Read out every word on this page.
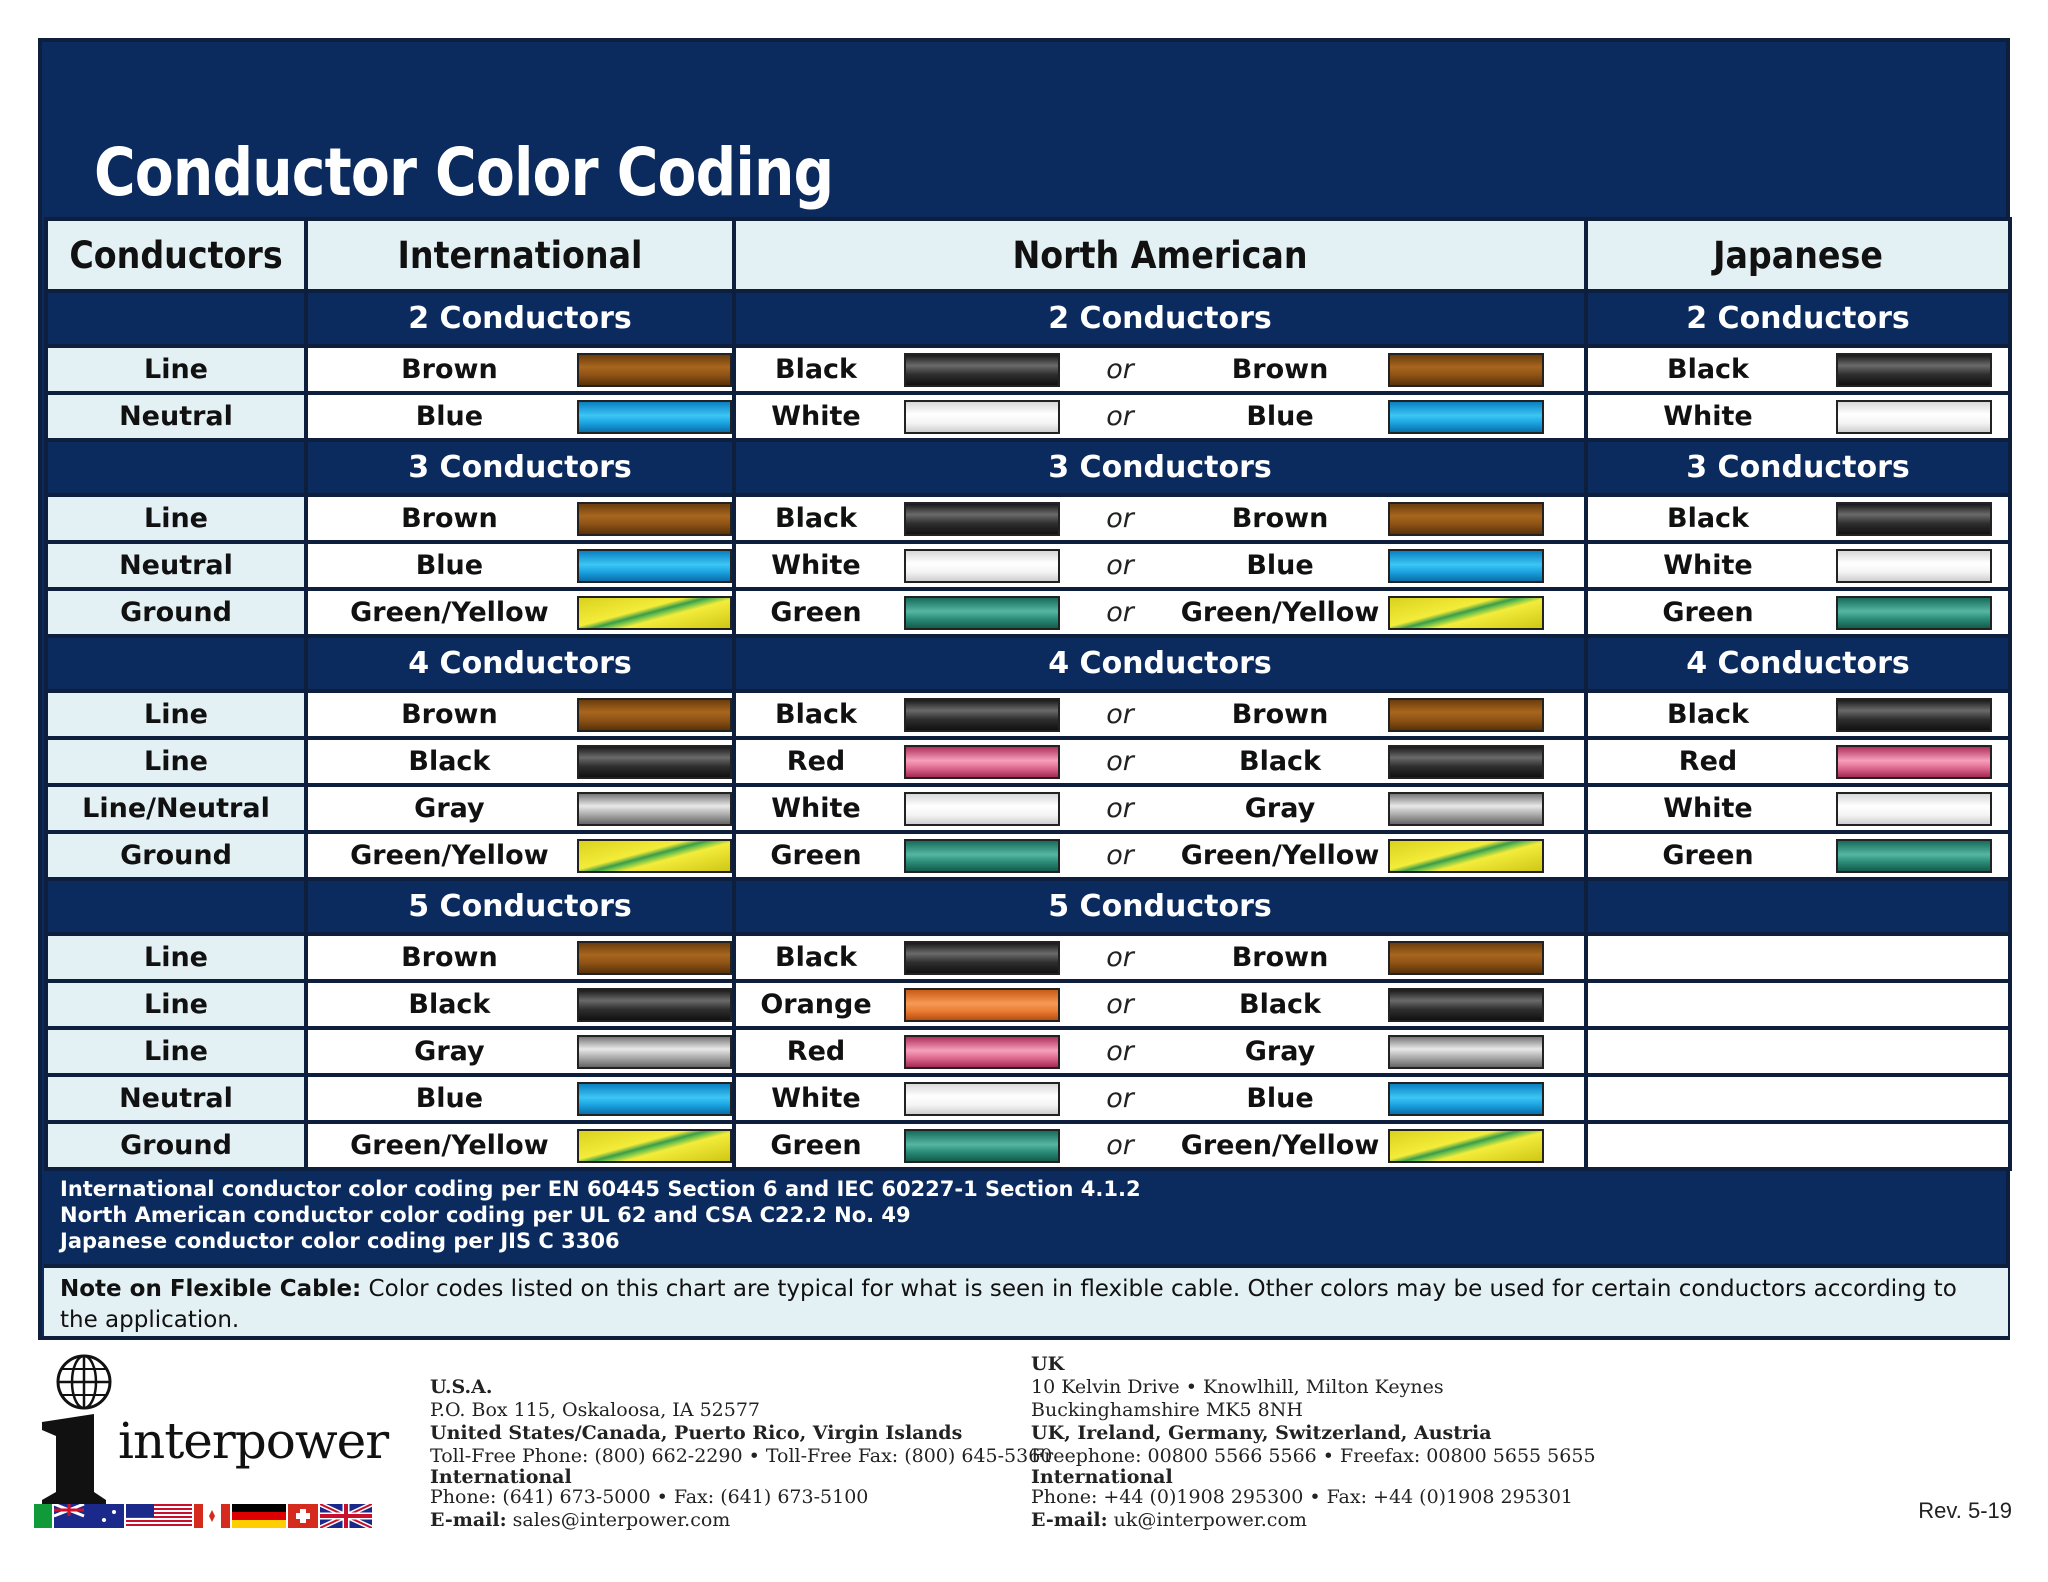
Conductor Color Coding
Conductors	International	North American	Japanese
	2 Conductors	2 Conductors	2 Conductors
Line	Brown	Black or Brown	Black

Neutral	Blue	White or Blue	White

	3 Conductors	3 Conductors	3 Conductors
Line	Brown	Black or Brown	Black

Neutral	Blue	White or Blue	White

Ground	Green/Yellow	Green or Green/Yellow	Green

	4 Conductors	4 Conductors	4 Conductors
Line	Brown	Black or Brown	Black

Line	Black	Red or Black	Red

Line/Neutral	Gray	White or Gray	White

Ground	Green/Yellow	Green or Green/Yellow	Green

	5 Conductors	5 Conductors	
Line	Brown	Black or Brown	

Line	Black	Orange or Black	

Line	Gray	Red or Gray	

Neutral	Blue	White or Blue	

Ground	Green/Yellow	Green or Green/Yellow	

International conductor color coding per EN 60445 Section 6 and IEC 60227-1 Section 4.1.2
North American conductor color coding per UL 62 and CSA C22.2 No. 49
Japanese conductor color coding per JIS C 3306
Note on Flexible Cable: Color codes listed on this chart are typical for what is seen in flexible cable. Other colors may be used for certain conductors according to the application.
interpower
U.S.A.
P.O. Box 115, Oskaloosa, IA 52577
United States/Canada, Puerto Rico, Virgin Islands
Toll-Free Phone: (800) 662-2290 • Toll-Free Fax: (800) 645-5360
International
Phone: (641) 673-5000 • Fax: (641) 673-5100
E-mail: sales@interpower.com
UK
10 Kelvin Drive • Knowlhill, Milton Keynes
Buckinghamshire MK5 8NH
UK, Ireland, Germany, Switzerland, Austria
Freephone: 00800 5566 5566 • Freefax: 00800 5655 5655
International
Phone: +44 (0)1908 295300 • Fax: +44 (0)1908 295301
E-mail: uk@interpower.com	Rev. 5-19
